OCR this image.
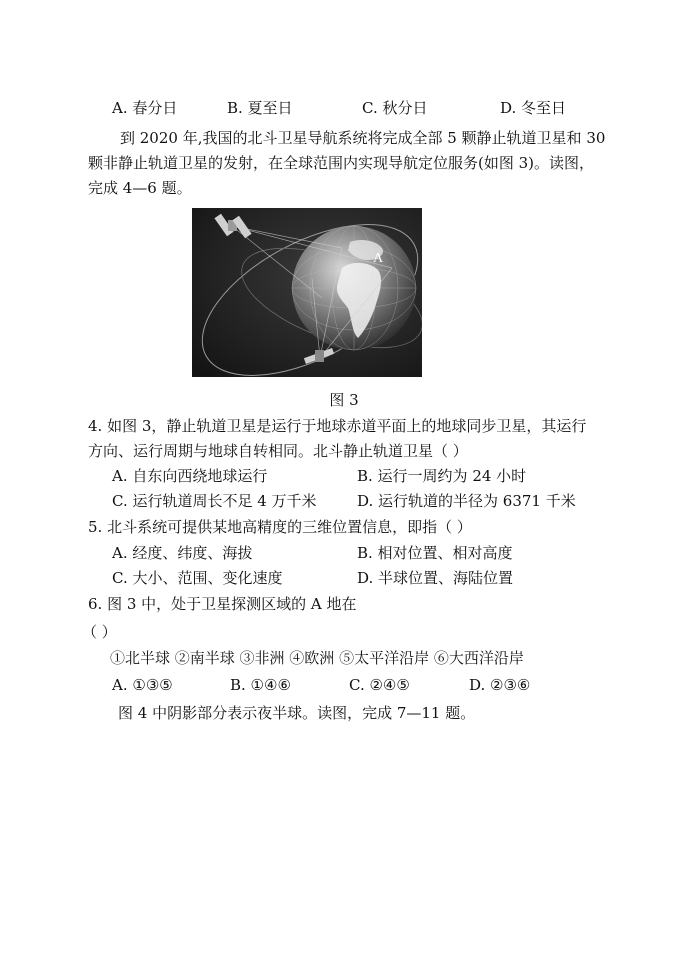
A. 春分日	B. 夏至日	C. 秋分日	D. 冬至日
到 2020 年,我国的北斗卫星导航系统将完成全部 5 颗静止轨道卫星和 30
颗非静止轨道卫星的发射，在全球范围内实现导航定位服务(如图 3)。读图，
完成 4—6 题。
A
图 3
4. 如图 3，静止轨道卫星是运行于地球赤道平面上的地球同步卫星，其运行
方向、运行周期与地球自转相同。北斗静止轨道卫星（ ）
A. 自东向西绕地球运行	B. 运行一周约为 24 小时
C. 运行轨道周长不足 4 万千米	D. 运行轨道的半径为 6371 千米
5. 北斗系统可提供某地高精度的三维位置信息，即指（ ）
A. 经度、纬度、海拔	B. 相对位置、相对高度
C. 大小、范围、变化速度	D. 半球位置、海陆位置
6. 图 3 中，处于卫星探测区域的 A 地在
（ ）
①北半球 ②南半球 ③非洲 ④欧洲 ⑤太平洋沿岸 ⑥大西洋沿岸
A. ①③⑤	B. ①④⑥	C. ②④⑤	D. ②③⑥
图 4 中阴影部分表示夜半球。读图，完成 7—11 题。
